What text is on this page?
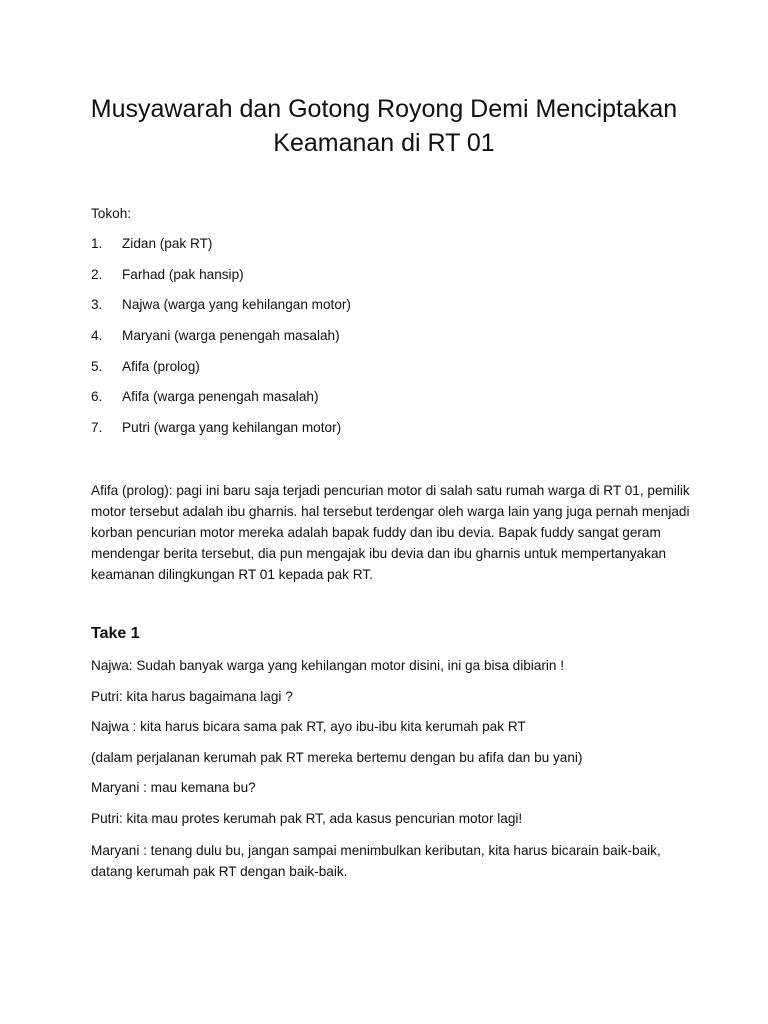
Musyawarah dan Gotong Royong Demi Menciptakan
Keamanan di RT 01

Tokoh:

1.	Zidan (pak RT)
2.	Farhad (pak hansip)
3.	Najwa (warga yang kehilangan motor)
4.	Maryani (warga penengah masalah)
5.	Afifa (prolog)
6.	Afifa (warga penengah masalah)
7.	Putri (warga yang kehilangan motor)

Afifa (prolog): pagi ini baru saja terjadi pencurian motor di salah satu rumah warga di RT 01, pemilik motor tersebut adalah ibu gharnis. hal tersebut terdengar oleh warga lain yang juga pernah menjadi korban pencurian motor mereka adalah bapak fuddy dan ibu devia. Bapak fuddy sangat geram mendengar berita tersebut, dia pun mengajak ibu devia dan ibu gharnis untuk mempertanyakan keamanan dilingkungan RT 01 kepada pak RT.

Take 1

Najwa: Sudah banyak warga yang kehilangan motor disini, ini ga bisa dibiarin !

Putri: kita harus bagaimana lagi ?

Najwa : kita harus bicara sama pak RT, ayo ibu-ibu kita kerumah pak RT

(dalam perjalanan kerumah pak RT mereka bertemu dengan bu afifa dan bu yani)

Maryani : mau kemana bu?

Putri: kita mau protes kerumah pak RT, ada kasus pencurian motor lagi!

Maryani : tenang dulu bu, jangan sampai menimbulkan keributan, kita harus bicarain baik-baik, datang kerumah pak RT dengan baik-baik.
